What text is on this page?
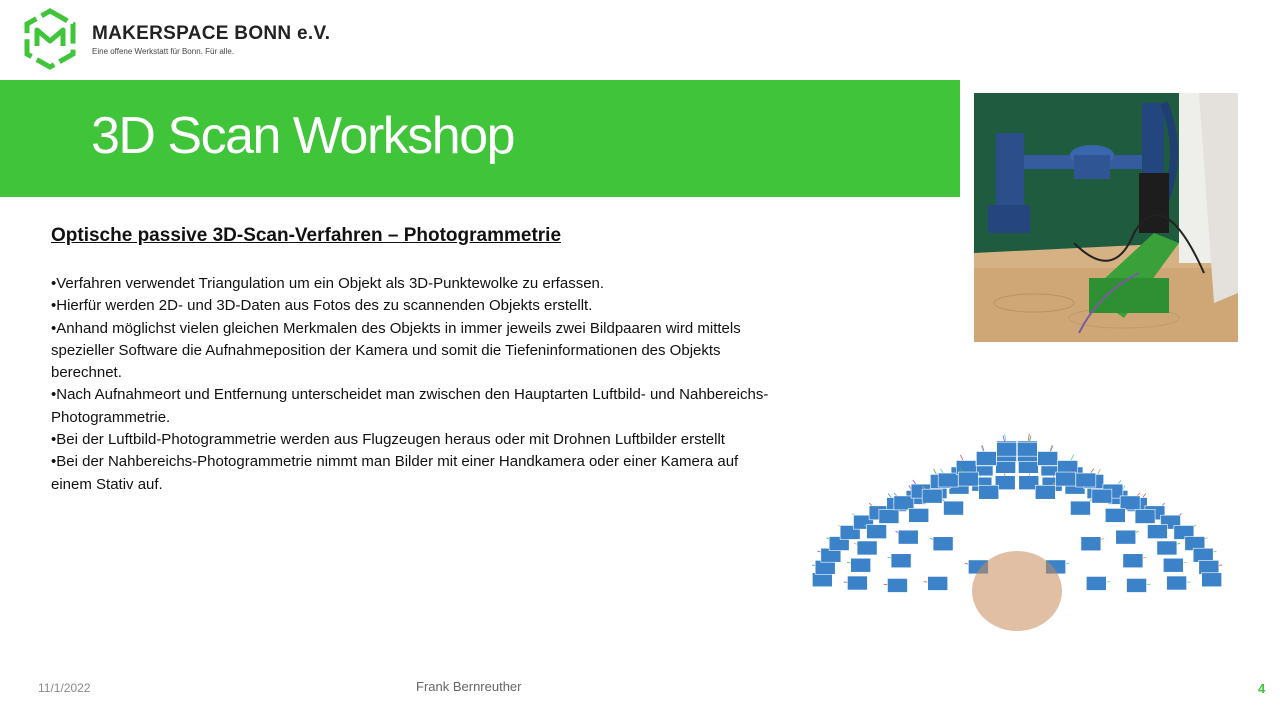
MAKERSPACE BONN e.V.
Eine offene Werkstatt für Bonn. Für alle.
3D Scan Workshop
Optische passive 3D-Scan-Verfahren – Photogrammetrie

•Verfahren verwendet Triangulation um ein Objekt als 3D-Punktewolke zu erfassen.

•Hierfür werden 2D- und 3D-Daten aus Fotos des zu scannenden Objekts erstellt.

•Anhand möglichst vielen gleichen Merkmalen des Objekts in immer jeweils zwei Bildpaaren wird mittels spezieller Software die Aufnahmeposition der Kamera und somit die Tiefeninformationen des Objekts berechnet.

•Nach Aufnahmeort und Entfernung unterscheidet man zwischen den Hauptarten Luftbild- und Nahbereichs-Photogrammetrie.

•Bei der Luftbild-Photogrammetrie werden aus Flugzeugen heraus oder mit Drohnen Luftbilder erstellt

•Bei der Nahbereichs-Photogrammetrie nimmt man Bilder mit einer Handkamera oder einer Kamera auf einem Stativ auf.

11/1/2022	Frank Bernreuther	4
